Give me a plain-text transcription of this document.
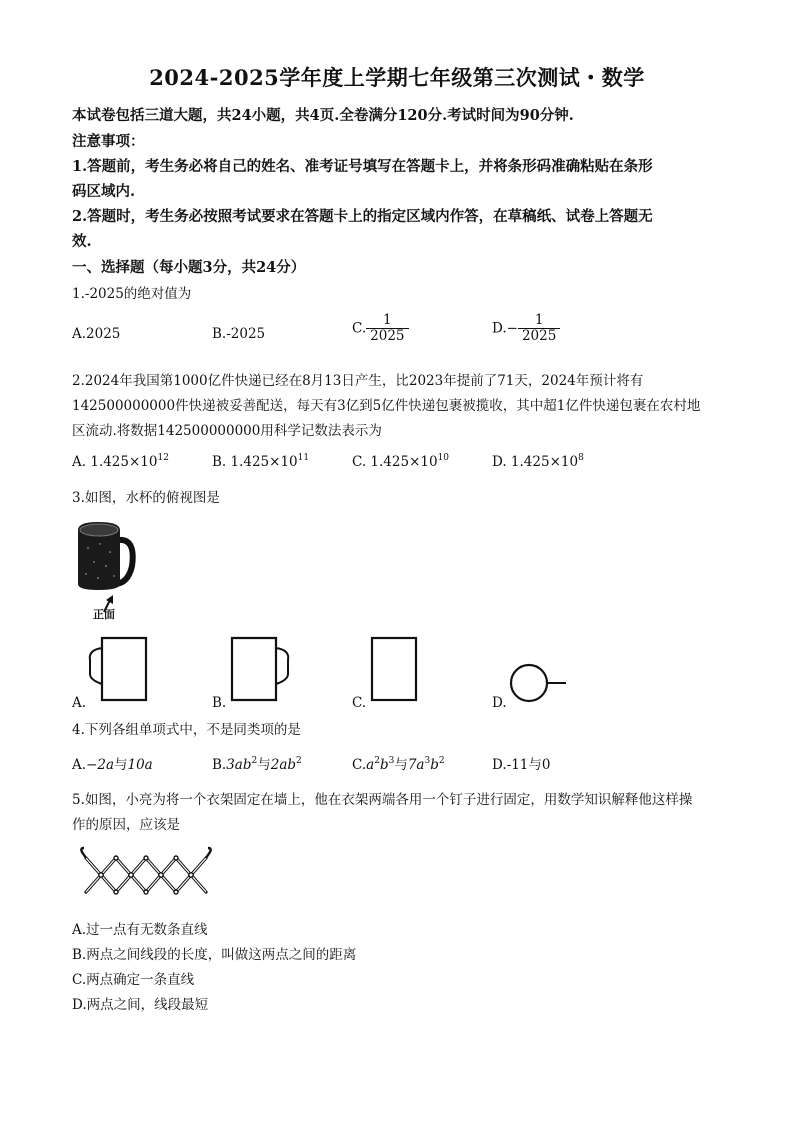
2024-2025学年度上学期七年级第三次测试・数学
本试卷包括三道大题，共24小题，共4页.全卷满分120分.考试时间为90分钟.
注意事项：
1.答题前，考生务必将自己的姓名、准考证号填写在答题卡上，并将条形码准确粘贴在条形
码区域内.
2.答题时，考生务必按照考试要求在答题卡上的指定区域内作答，在草稿纸、试卷上答题无
效.
一、选择题（每小题3分，共24分）
1.-2025的绝对值为
A.2025	B.-2025	C. $\frac{1}{2025}$	$D.- \frac{1}{2025}$
2.2024年我国第1000亿件快递已经在8月13日产生，比2023年提前了71天，2024年预计将有
142500000000件快递被妥善配送，每天有3亿到5亿件快递包裹被揽收，其中超1亿件快递包裹在农村地
区流动.将数据142500000000用科学记数法表示为
A. $1.425\times 10^{12}$	B. $1.425\times 10^{11}$	C. $1.425\times 10^{10}$	D. $1.425\times 10^8$
3.如图，水杯的俯视图是
正面
A.	B.	C.	D.
4.下列各组单项式中，不是同类项的是
A.−2a与10a	$B.3ab^2$与$2ab^2$	$C.a^2b^3$与$7a^3b^2$	D.-11与0
5.如图，小亮为将一个衣架固定在墙上，他在衣架两端各用一个钉子进行固定，用数学知识解释他这样操
作的原因，应该是
A.过一点有无数条直线
B.两点之间线段的长度，叫做这两点之间的距离
C.两点确定一条直线
D.两点之间，线段最短
